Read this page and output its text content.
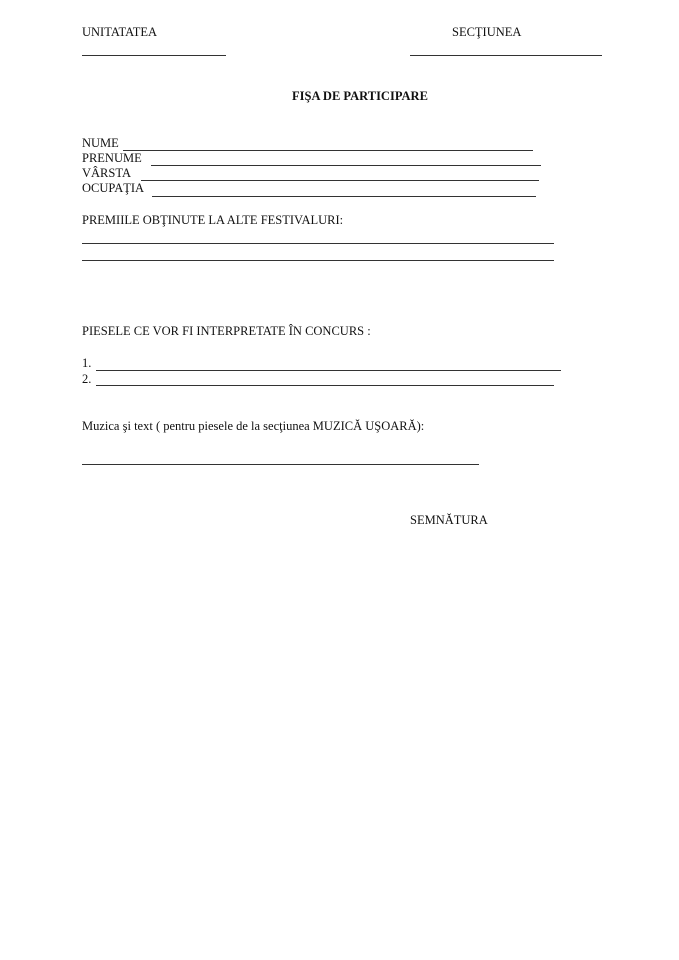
UNITATATEA	SECŢIUNEA
FIŞA DE PARTICIPARE
NUME
PRENUME
VÂRSTA
OCUPAŢIA
PREMIILE OBŢINUTE LA ALTE FESTIVALURI:
PIESELE CE VOR FI INTERPRETATE ÎN CONCURS :
1.
2.
Muzica şi text ( pentru piesele de la secţiunea MUZICĂ UŞOARĂ):
SEMNĂTURA
